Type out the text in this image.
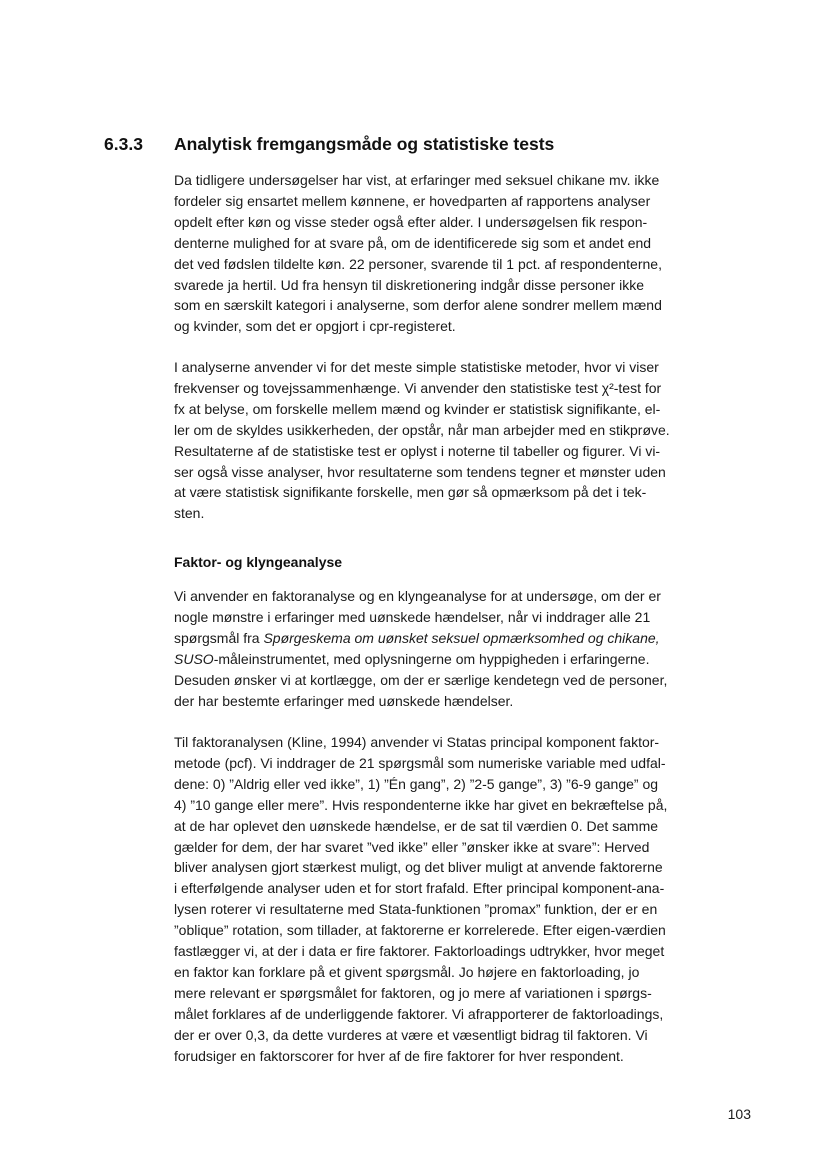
6.3.3 Analytisk fremgangsmåde og statistiske tests
Da tidligere undersøgelser har vist, at erfaringer med seksuel chikane mv. ikke
fordeler sig ensartet mellem kønnene, er hovedparten af rapportens analyser
opdelt efter køn og visse steder også efter alder. I undersøgelsen fik respon-
denterne mulighed for at svare på, om de identificerede sig som et andet end
det ved fødslen tildelte køn. 22 personer, svarende til 1 pct. af respondenterne,
svarede ja hertil. Ud fra hensyn til diskretionering indgår disse personer ikke
som en særskilt kategori i analyserne, som derfor alene sondrer mellem mænd
og kvinder, som det er opgjort i cpr-registeret.
I analyserne anvender vi for det meste simple statistiske metoder, hvor vi viser
frekvenser og tovejssammenhænge. Vi anvender den statistiske test χ²-test for
fx at belyse, om forskelle mellem mænd og kvinder er statistisk signifikante, el-
ler om de skyldes usikkerheden, der opstår, når man arbejder med en stikprøve.
Resultaterne af de statistiske test er oplyst i noterne til tabeller og figurer. Vi vi-
ser også visse analyser, hvor resultaterne som tendens tegner et mønster uden
at være statistisk signifikante forskelle, men gør så opmærksom på det i tek-
sten.
Faktor- og klyngeanalyse
Vi anvender en faktoranalyse og en klyngeanalyse for at undersøge, om der er
nogle mønstre i erfaringer med uønskede hændelser, når vi inddrager alle 21
spørgsmål fra Spørgeskema om uønsket seksuel opmærksomhed og chikane,
SUSO-måleinstrumentet, med oplysningerne om hyppigheden i erfaringerne.
Desuden ønsker vi at kortlægge, om der er særlige kendetegn ved de personer,
der har bestemte erfaringer med uønskede hændelser.
Til faktoranalysen (Kline, 1994) anvender vi Statas principal komponent faktor-
metode (pcf). Vi inddrager de 21 spørgsmål som numeriske variable med udfal-
dene: 0) ”Aldrig eller ved ikke”, 1) ”Én gang”, 2) ”2-5 gange”, 3) ”6-9 gange” og
4) ”10 gange eller mere”. Hvis respondenterne ikke har givet en bekræftelse på,
at de har oplevet den uønskede hændelse, er de sat til værdien 0. Det samme
gælder for dem, der har svaret ”ved ikke” eller ”ønsker ikke at svare”: Herved
bliver analysen gjort stærkest muligt, og det bliver muligt at anvende faktorerne
i efterfølgende analyser uden et for stort frafald. Efter principal komponent-ana-
lysen roterer vi resultaterne med Stata-funktionen ”promax” funktion, der er en
”oblique” rotation, som tillader, at faktorerne er korrelerede. Efter eigen-værdien
fastlægger vi, at der i data er fire faktorer. Faktorloadings udtrykker, hvor meget
en faktor kan forklare på et givent spørgsmål. Jo højere en faktorloading, jo
mere relevant er spørgsmålet for faktoren, og jo mere af variationen i spørgs-
målet forklares af de underliggende faktorer. Vi afrapporterer de faktorloadings,
der er over 0,3, da dette vurderes at være et væsentligt bidrag til faktoren. Vi
forudsiger en faktorscorer for hver af de fire faktorer for hver respondent.
103
